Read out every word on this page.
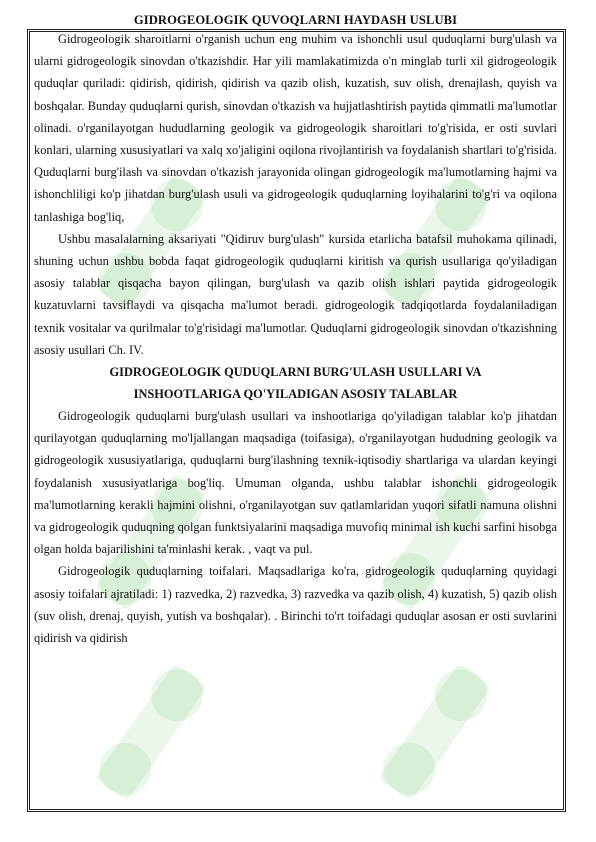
GIDROGEOLOGIK QUVOQLARNI HAYDASH USLUBI

Gidrogeologik sharoitlarni o'rganish uchun eng muhim va ishonchli usul quduqlarni burg'ulash va ularni gidrogeologik sinovdan o'tkazishdir. Har yili mamlakatimizda o'n minglab turli xil gidrogeologik quduqlar quriladi: qidirish, qidirish, qidirish va qazib olish, kuzatish, suv olish, drenajlash, quyish va boshqalar. Bunday quduqlarni qurish, sinovdan o'tkazish va hujjatlashtirish paytida qimmatli ma'lumotlar olinadi. o'rganilayotgan hududlarning geologik va gidrogeologik sharoitlari to'g'risida, er osti suvlari konlari, ularning xususiyatlari va xalq xo'jaligini oqilona rivojlantirish va foydalanish shartlari to'g'risida. Quduqlarni burg'ilash va sinovdan o'tkazish jarayonida olingan gidrogeologik ma'lumotlarning hajmi va ishonchliligi ko'p jihatdan burg'ulash usuli va gidrogeologik quduqlarning loyihalarini to'g'ri va oqilona tanlashiga bog'liq,

Ushbu masalalarning aksariyati "Qidiruv burg'ulash" kursida etarlicha batafsil muhokama qilinadi, shuning uchun ushbu bobda faqat gidrogeologik quduqlarni kiritish va qurish usullariga qo'yiladigan asosiy talablar qisqacha bayon qilingan, burg'ulash va qazib olish ishlari paytida gidrogeologik kuzatuvlarni tavsiflaydi va qisqacha ma'lumot beradi. gidrogeologik tadqiqotlarda foydalaniladigan texnik vositalar va qurilmalar to'g'risidagi ma'lumotlar. Quduqlarni gidrogeologik sinovdan o'tkazishning asosiy usullari Ch. IV.

GIDROGEOLOGIK QUDUQLARNI BURG'ULASH USULLARI VA
INSHOOTLARIGA QO'YILADIGAN ASOSIY TALABLAR

Gidrogeologik quduqlarni burg'ulash usullari va inshootlariga qo'yiladigan talablar ko'p jihatdan qurilayotgan quduqlarning mo'ljallangan maqsadiga (toifasiga), o'rganilayotgan hududning geologik va gidrogeologik xususiyatlariga, quduqlarni burg'ilashning texnik-iqtisodiy shartlariga va ulardan keyingi foydalanish xususiyatlariga bog'liq. Umuman olganda, ushbu talablar ishonchli gidrogeologik ma'lumotlarning kerakli hajmini olishni, o'rganilayotgan suv qatlamlaridan yuqori sifatli namuna olishni va gidrogeologik quduqning qolgan funktsiyalarini maqsadiga muvofiq minimal ish kuchi sarfini hisobga olgan holda bajarilishini ta'minlashi kerak. , vaqt va pul.

Gidrogeologik quduqlarning toifalari. Maqsadlariga ko'ra, gidrogeologik quduqlarning quyidagi asosiy toifalari ajratiladi: 1) razvedka, 2) razvedka, 3) razvedka va qazib olish, 4) kuzatish, 5) qazib olish (suv olish, drenaj, quyish, yutish va boshqalar). . Birinchi to'rt toifadagi quduqlar asosan er osti suvlarini qidirish va qidirish
